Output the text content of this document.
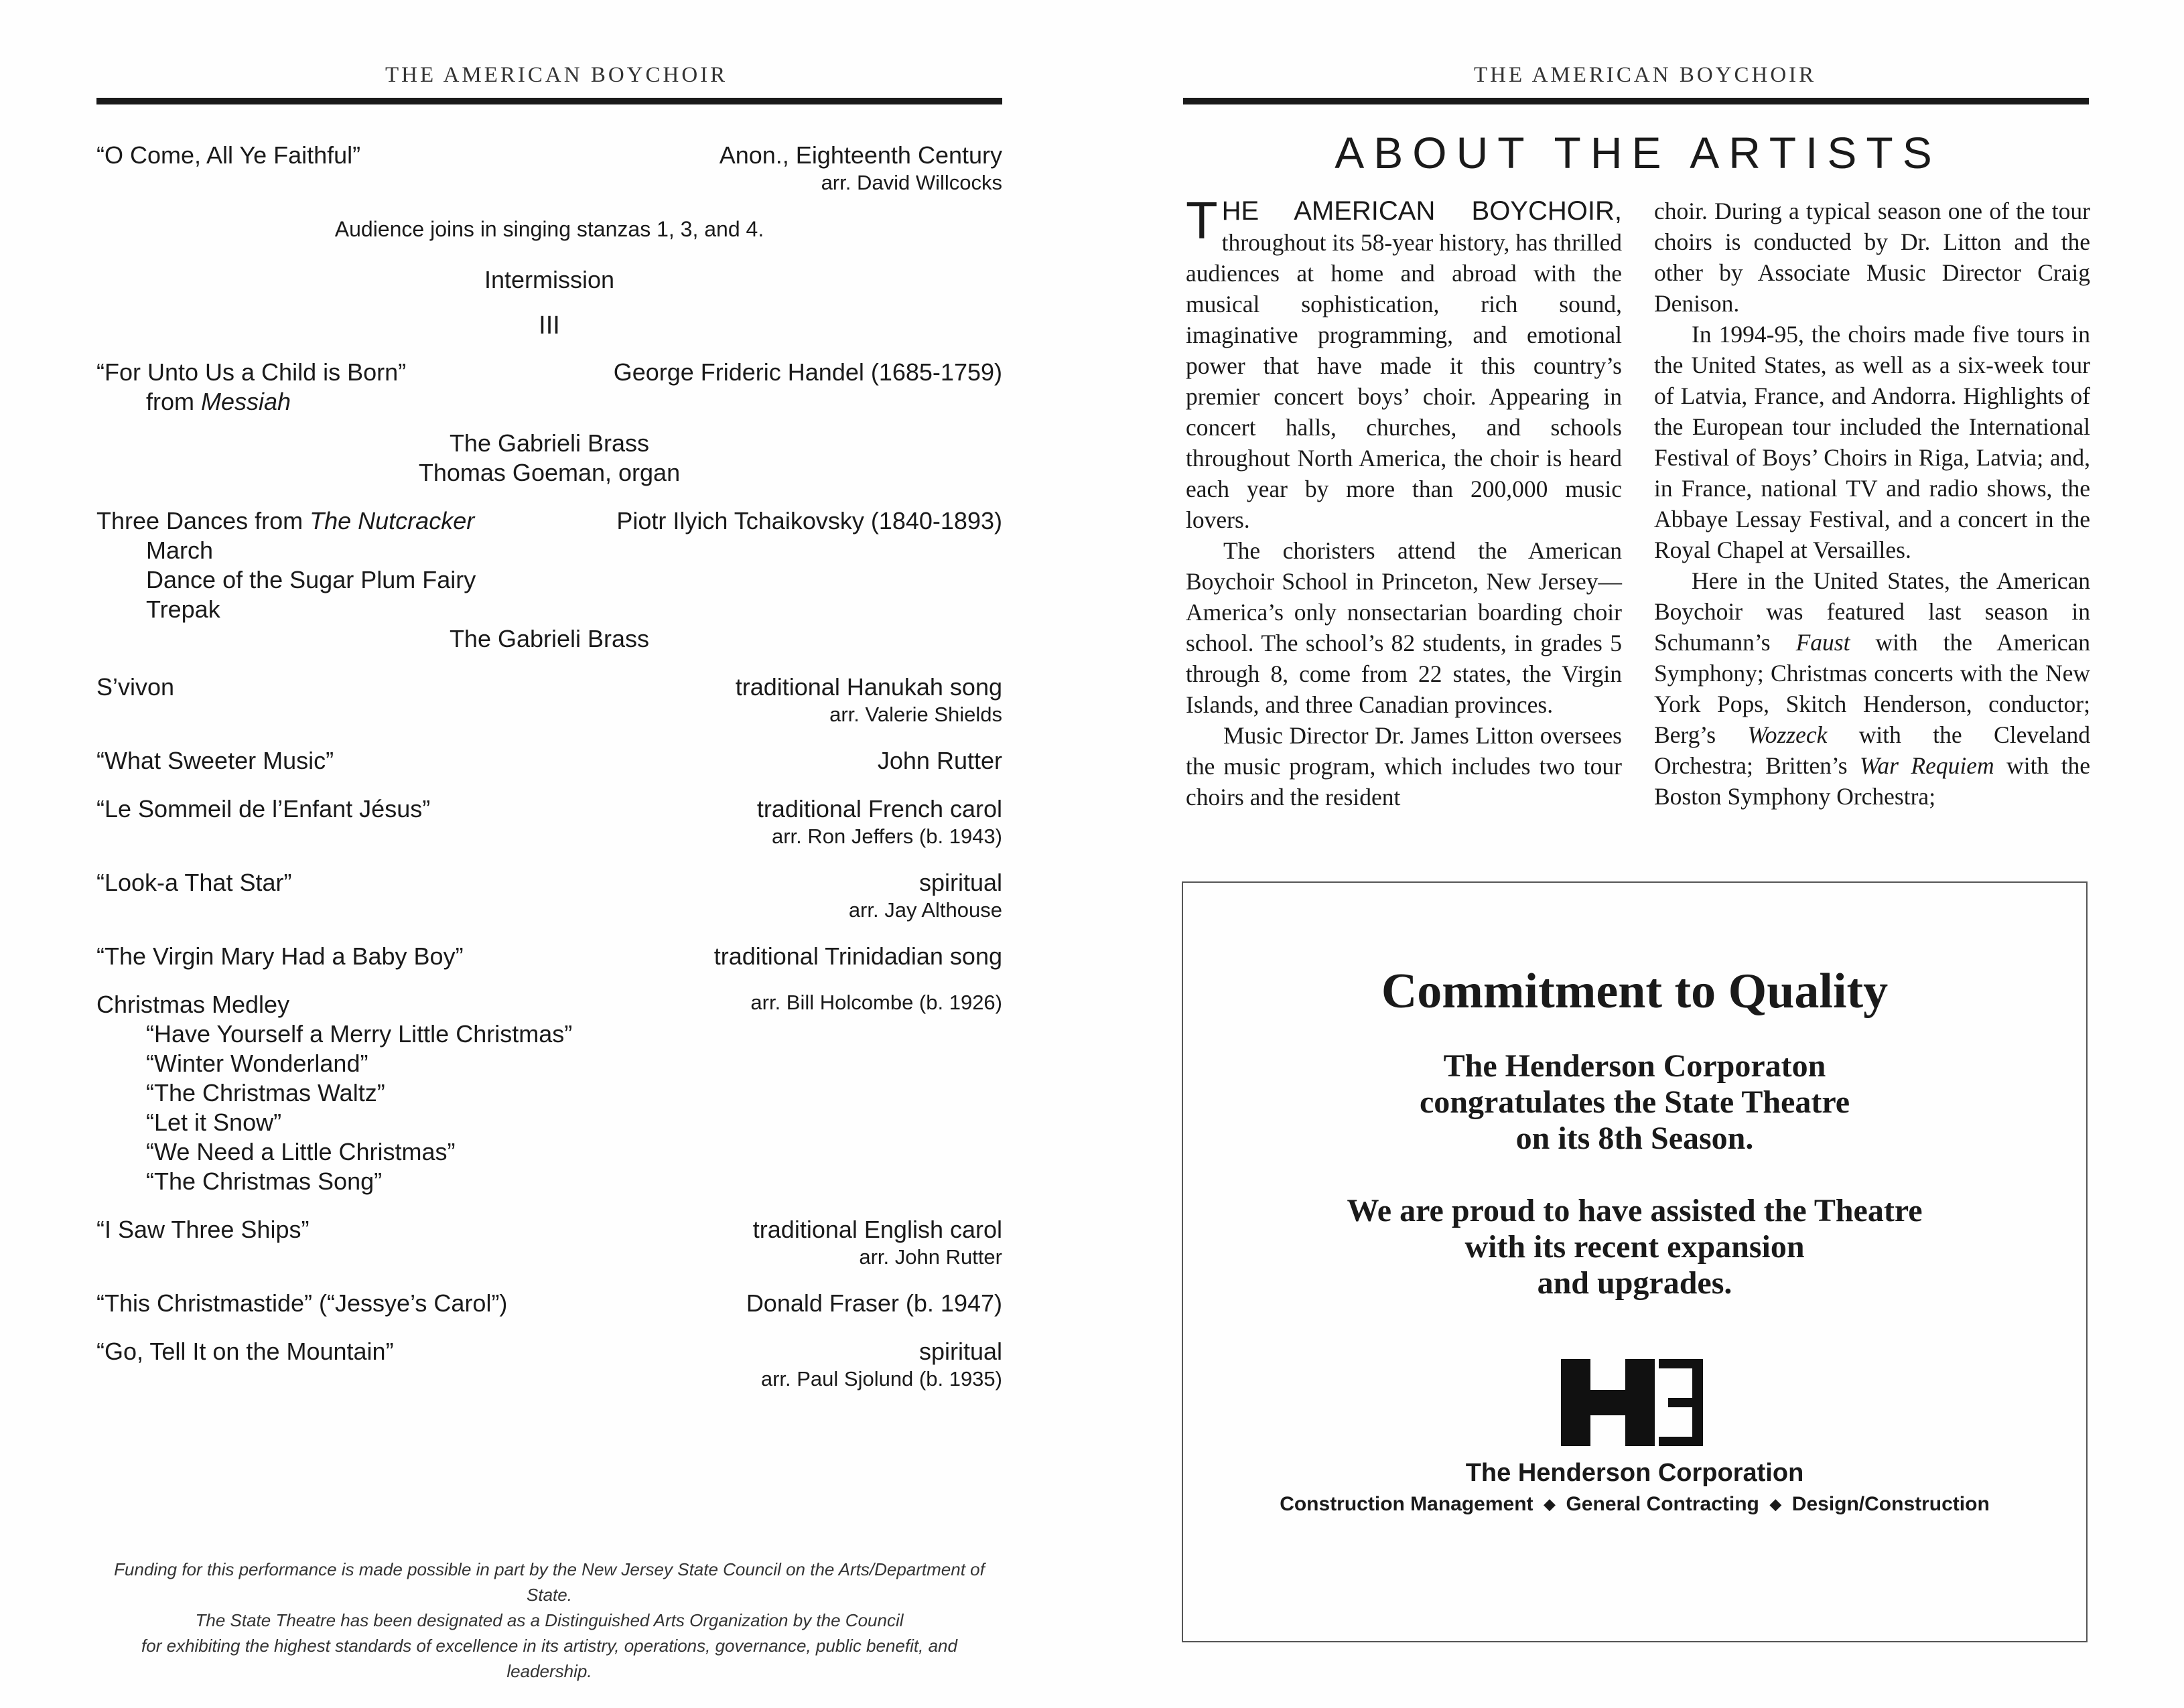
THE AMERICAN BOYCHOIR	THE AMERICAN BOYCHOIR
“O Come, All Ye Faithful”	Anon., Eighteenth Century
arr. David Willcocks
Audience joins in singing stanzas 1, 3, and 4.
Intermission
III
“For Unto Us a Child is Born”	George Frideric Handel (1685-1759)
from Messiah
The Gabrieli Brass
Thomas Goeman, organ
Three Dances from The Nutcracker	Piotr Ilyich Tchaikovsky (1840-1893)
March
Dance of the Sugar Plum Fairy
Trepak
The Gabrieli Brass
S’vivon	traditional Hanukah song
arr. Valerie Shields
“What Sweeter Music”	John Rutter
“Le Sommeil de l’Enfant Jésus”	traditional French carol
arr. Ron Jeffers (b. 1943)
“Look-a That Star”	spiritual
arr. Jay Althouse
“The Virgin Mary Had a Baby Boy”	traditional Trinidadian song
Christmas Medley	arr. Bill Holcombe (b. 1926)
“Have Yourself a Merry Little Christmas”
“Winter Wonderland”
“The Christmas Waltz”
“Let it Snow”
“We Need a Little Christmas”
“The Christmas Song”
“I Saw Three Ships”	traditional English carol
arr. John Rutter
“This Christmastide” (“Jessye’s Carol”)	Donald Fraser (b. 1947)
“Go, Tell It on the Mountain”	spiritual
arr. Paul Sjolund (b. 1935)
Funding for this performance is made possible in part by the New Jersey State Council on the Arts/Department of State.
The State Theatre has been designated as a Distinguished Arts Organization by the Council
for exhibiting the highest standards of excellence in its artistry, operations, governance, public benefit, and leadership.
ABOUT THE ARTISTS

THE AMERICAN BOYCHOIR, throughout its 58-year history, has thrilled audiences at home and abroad with the musical sophistication, rich sound, imaginative programming, and emotional power that have made it this country’s premier concert boys’ choir. Appearing in concert halls, churches, and schools throughout North America, the choir is heard each year by more than 200,000 music lovers.

The choristers attend the American Boychoir School in Princeton, New Jersey—America’s only nonsectarian boarding choir school. The school’s 82 students, in grades 5 through 8, come from 22 states, the Virgin Islands, and three Canadian provinces.

Music Director Dr. James Litton oversees the music program, which includes two tour choirs and the resident

choir. During a typical season one of the tour choirs is conducted by Dr. Litton and the other by Associate Music Director Craig Denison.

In 1994-95, the choirs made five tours in the United States, as well as a six-week tour of Latvia, France, and Andorra. Highlights of the European tour included the International Festival of Boys’ Choirs in Riga, Latvia; and, in France, national TV and radio shows, the Abbaye Lessay Festival, and a concert in the Royal Chapel at Versailles.

Here in the United States, the American Boychoir was featured last season in Schumann’s Faust with the American Symphony; Christmas concerts with the New York Pops, Skitch Henderson, conductor; Berg’s Wozzeck with the Cleveland Orchestra; Britten’s War Requiem with the Boston Symphony Orchestra;

Commitment to Quality
The Henderson Corporaton
congratulates the State Theatre
on its 8th Season.
We are proud to have assisted the Theatre
with its recent expansion
and upgrades.
The Henderson Corporation
Construction Management ◆ General Contracting ◆ Design/Construction
